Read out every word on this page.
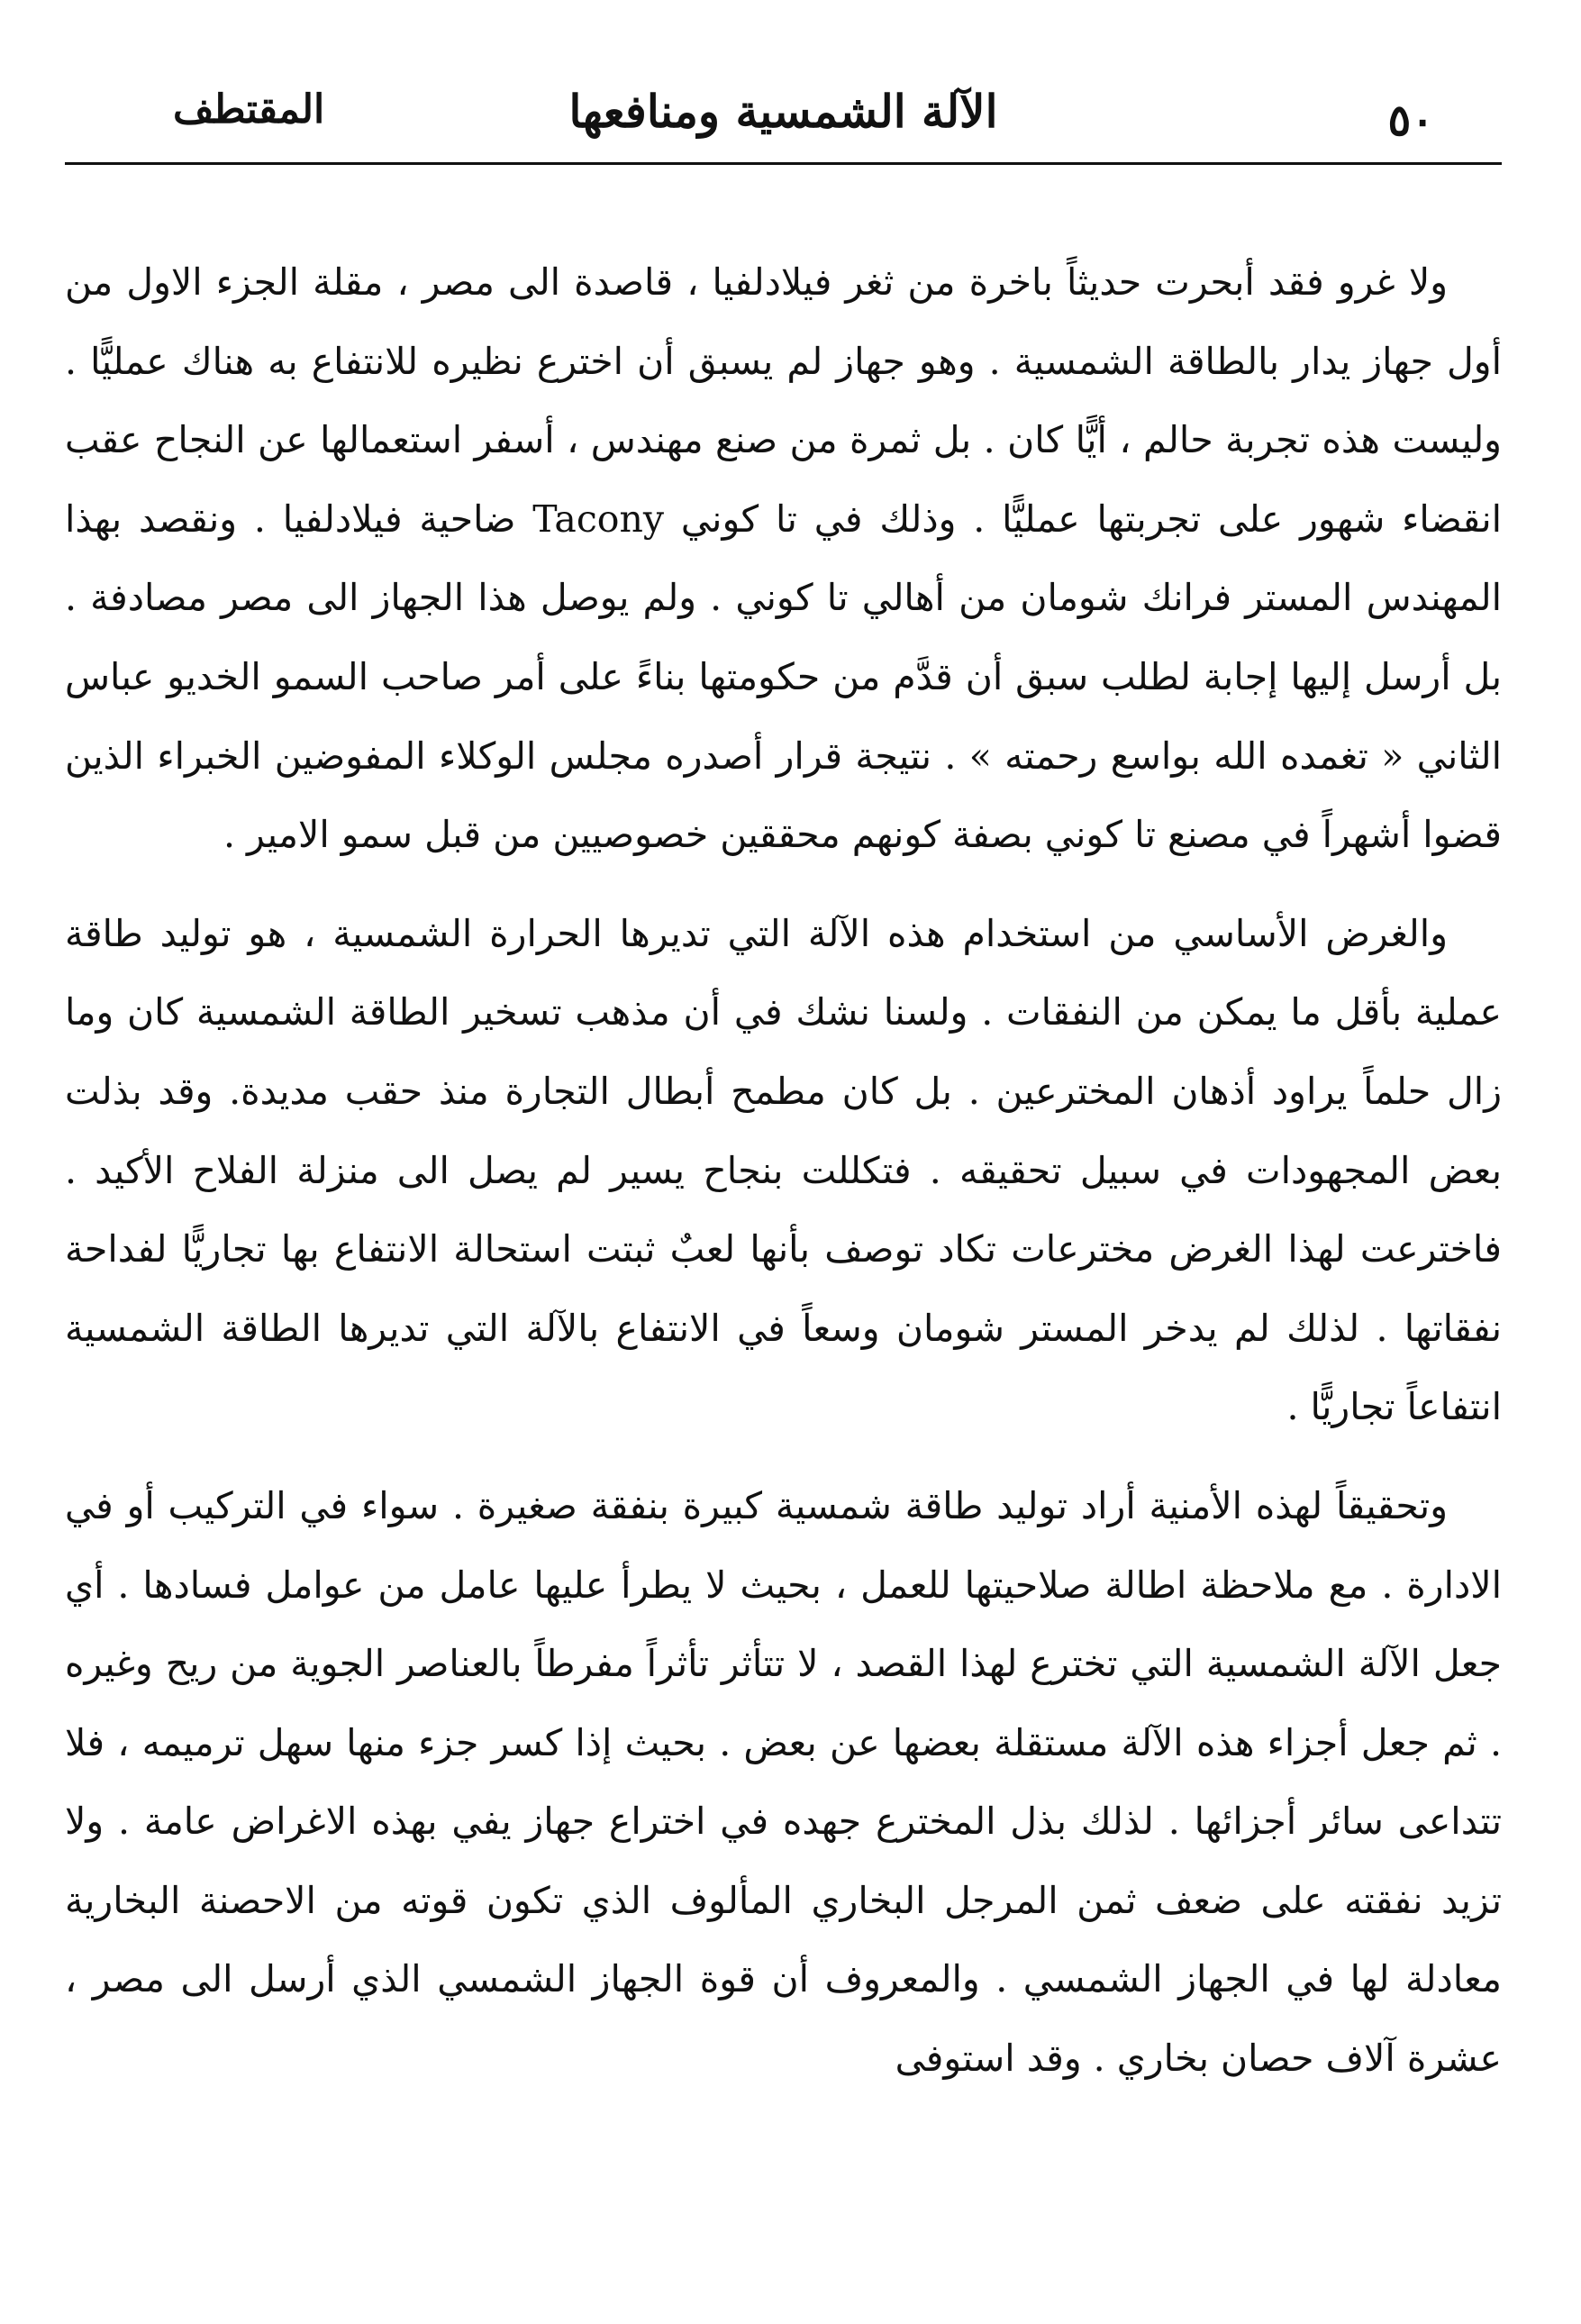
المقتطف	الآلة الشمسية ومنافعها	٥٠

ولا غرو فقد أبحرت حديثاً باخرة من ثغر فيلادلفيا ، قاصدة الى مصر ، مقلة الجزء الاول من أول جهاز يدار بالطاقة الشمسية . وهو جهاز لم يسبق أن اخترع نظيره للانتفاع به هناك عمليًّا . وليست هذه تجربة حالم ، أيًّا كان . بل ثمرة من صنع مهندس ، أسفر استعمالها عن النجاح عقب انقضاء شهور على تجربتها عمليًّا . وذلك في تا كوني Tacony ضاحية فيلادلفيا . ونقصد بهذا المهندس المستر فرانك شومان من أهالي تا كوني . ولم يوصل هذا الجهاز الى مصر مصادفة . بل أرسل إليها إجابة لطلب سبق أن قدَّم من حكومتها بناءً على أمر صاحب السمو الخديو عباس الثاني « تغمده الله بواسع رحمته » . نتيجة قرار أصدره مجلس الوكلاء المفوضين الخبراء الذين قضوا أشهراً في مصنع تا كوني بصفة كونهم محققين خصوصيين من قبل سمو الامير .

والغرض الأساسي من استخدام هذه الآلة التي تديرها الحرارة الشمسية ، هو توليد طاقة عملية بأقل ما يمكن من النفقات . ولسنا نشك في أن مذهب تسخير الطاقة الشمسية كان وما زال حلماً يراود أذهان المخترعين . بل كان مطمح أبطال التجارة منذ حقب مديدة. وقد بذلت بعض المجهودات في سبيل تحقيقه . فتكللت بنجاح يسير لم يصل الى منزلة الفلاح الأكيد . فاخترعت لهذا الغرض مخترعات تكاد توصف بأنها لعبٌ ثبتت استحالة الانتفاع بها تجاريًّا لفداحة نفقاتها . لذلك لم يدخر المستر شومان وسعاً في الانتفاع بالآلة التي تديرها الطاقة الشمسية انتفاعاً تجاريًّا .

وتحقيقاً لهذه الأمنية أراد توليد طاقة شمسية كبيرة بنفقة صغيرة . سواء في التركيب أو في الادارة . مع ملاحظة اطالة صلاحيتها للعمل ، بحيث لا يطرأ عليها عامل من عوامل فسادها . أي جعل الآلة الشمسية التي تخترع لهذا القصد ، لا تتأثر تأثراً مفرطاً بالعناصر الجوية من ريح وغيره . ثم جعل أجزاء هذه الآلة مستقلة بعضها عن بعض . بحيث إذا كسر جزء منها سهل ترميمه ، فلا تتداعى سائر أجزائها . لذلك بذل المخترع جهده في اختراع جهاز يفي بهذه الاغراض عامة . ولا تزيد نفقته على ضعف ثمن المرجل البخاري المألوف الذي تكون قوته من الاحصنة البخارية معادلة لها في الجهاز الشمسي . والمعروف أن قوة الجهاز الشمسي الذي أرسل الى مصر ، عشرة آلاف حصان بخاري . وقد استوفى
